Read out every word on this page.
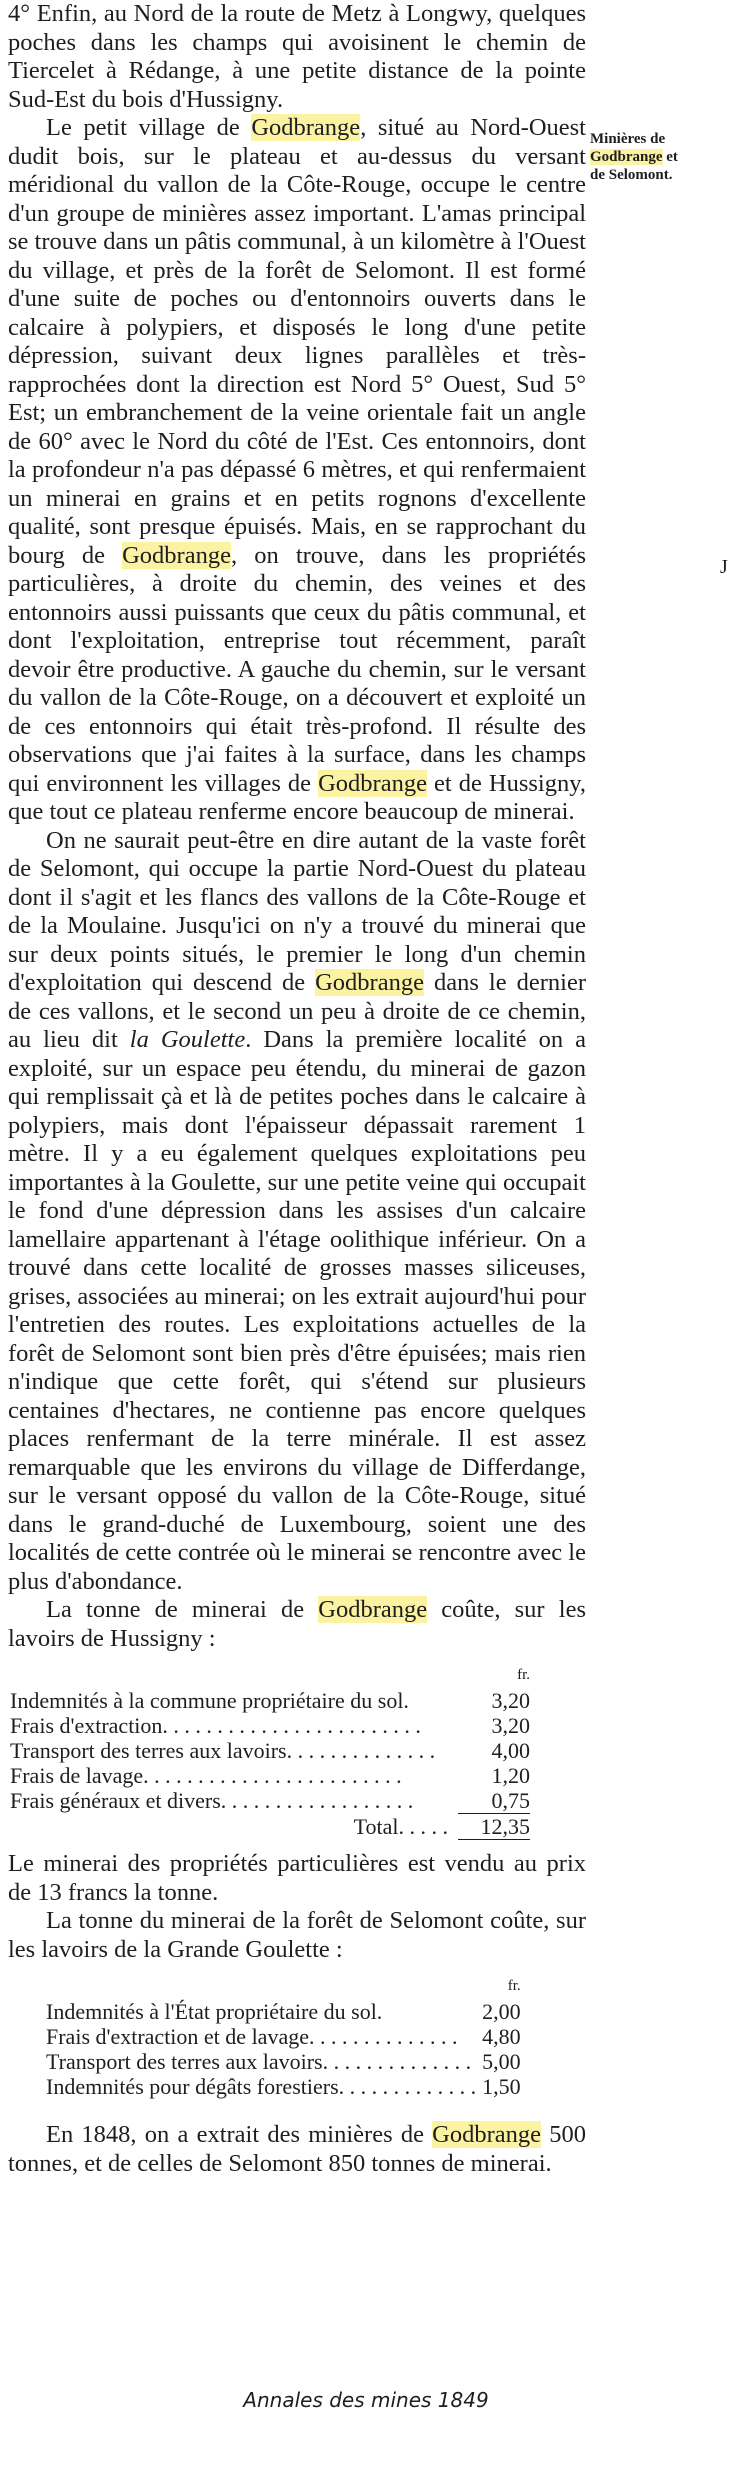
4° Enfin, au Nord de la route de Metz à Longwy, quelques poches dans les champs qui avoisinent le chemin de Tiercelet à Rédange, à une petite distance de la pointe Sud-Est du bois d'Hussigny.

Le petit village de Godbrange, situé au Nord-Ouest dudit bois, sur le plateau et au-dessus du versant méridional du vallon de la Côte-Rouge, occupe le centre d'un groupe de minières assez important. L'amas principal se trouve dans un pâtis communal, à un kilomètre à l'Ouest du village, et près de la forêt de Selomont. Il est formé d'une suite de poches ou d'entonnoirs ouverts dans le calcaire à polypiers, et disposés le long d'une petite dépression, suivant deux lignes parallèles et très-rapprochées dont la direction est Nord 5° Ouest, Sud 5° Est; un embranchement de la veine orientale fait un angle de 60° avec le Nord du côté de l'Est. Ces entonnoirs, dont la profondeur n'a pas dépassé 6 mètres, et qui renfermaient un minerai en grains et en petits rognons d'excellente qualité, sont presque épuisés. Mais, en se rapprochant du bourg de Godbrange, on trouve, dans les propriétés particulières, à droite du chemin, des veines et des entonnoirs aussi puissants que ceux du pâtis communal, et dont l'exploitation, entreprise tout récemment, paraît devoir être productive. A gauche du chemin, sur le versant du vallon de la Côte-Rouge, on a découvert et exploité un de ces entonnoirs qui était très-profond. Il résulte des observations que j'ai faites à la surface, dans les champs qui environnent les villages de Godbrange et de Hussigny, que tout ce plateau renferme encore beaucoup de minerai.

On ne saurait peut-être en dire autant de la vaste forêt de Selomont, qui occupe la partie Nord-Ouest du plateau dont il s'agit et les flancs des vallons de la Côte-Rouge et de la Moulaine. Jusqu'ici on n'y a trouvé du minerai que sur deux points situés, le premier le long d'un chemin d'exploitation qui descend de Godbrange dans le dernier de ces vallons, et le second un peu à droite de ce chemin, au lieu dit la Goulette. Dans la première localité on a exploité, sur un espace peu étendu, du minerai de gazon qui remplissait çà et là de petites poches dans le calcaire à polypiers, mais dont l'épaisseur dépassait rarement 1 mètre. Il y a eu également quelques exploitations peu importantes à la Goulette, sur une petite veine qui occupait le fond d'une dépression dans les assises d'un calcaire lamellaire appartenant à l'étage oolithique inférieur. On a trouvé dans cette localité de grosses masses siliceuses, grises, associées au minerai; on les extrait aujourd'hui pour l'entretien des routes. Les exploitations actuelles de la forêt de Selomont sont bien près d'être épuisées; mais rien n'indique que cette forêt, qui s'étend sur plusieurs centaines d'hectares, ne contienne pas encore quelques places renfermant de la terre minérale. Il est assez remarquable que les environs du village de Differdange, sur le versant opposé du vallon de la Côte-Rouge, situé dans le grand-duché de Luxembourg, soient une des localités de cette contrée où le minerai se rencontre avec le plus d'abondance.

La tonne de minerai de Godbrange coûte, sur les lavoirs de Hussigny :

	fr.
Indemnités à la commune propriétaire du sol.	3,20
Frais d'extraction. . . . . . . . . . . . . . . . . . . . . . . .	3,20
Transport des terres aux lavoirs. . . . . . . . . . . . . .	4,00
Frais de lavage. . . . . . . . . . . . . . . . . . . . . . . .	1,20
Frais généraux et divers. . . . . . . . . . . . . . . . . .	0,75
Total. . . . .	12,35

Le minerai des propriétés particulières est vendu au prix de 13 francs la tonne.

La tonne du minerai de la forêt de Selomont coûte, sur les lavoirs de la Grande Goulette :

	fr.
Indemnités à l'État propriétaire du sol.	2,00
Frais d'extraction et de lavage. . . . . . . . . . . . . .	4,80
Transport des terres aux lavoirs. . . . . . . . . . . . . .	5,00
Indemnités pour dégâts forestiers. . . . . . . . . . . . .	1,50

En 1848, on a extrait des minières de Godbrange 500 tonnes, et de celles de Selomont 850 tonnes de minerai.

Minières de
Godbrange et
de Selomont.
J
Annales des mines 1849
